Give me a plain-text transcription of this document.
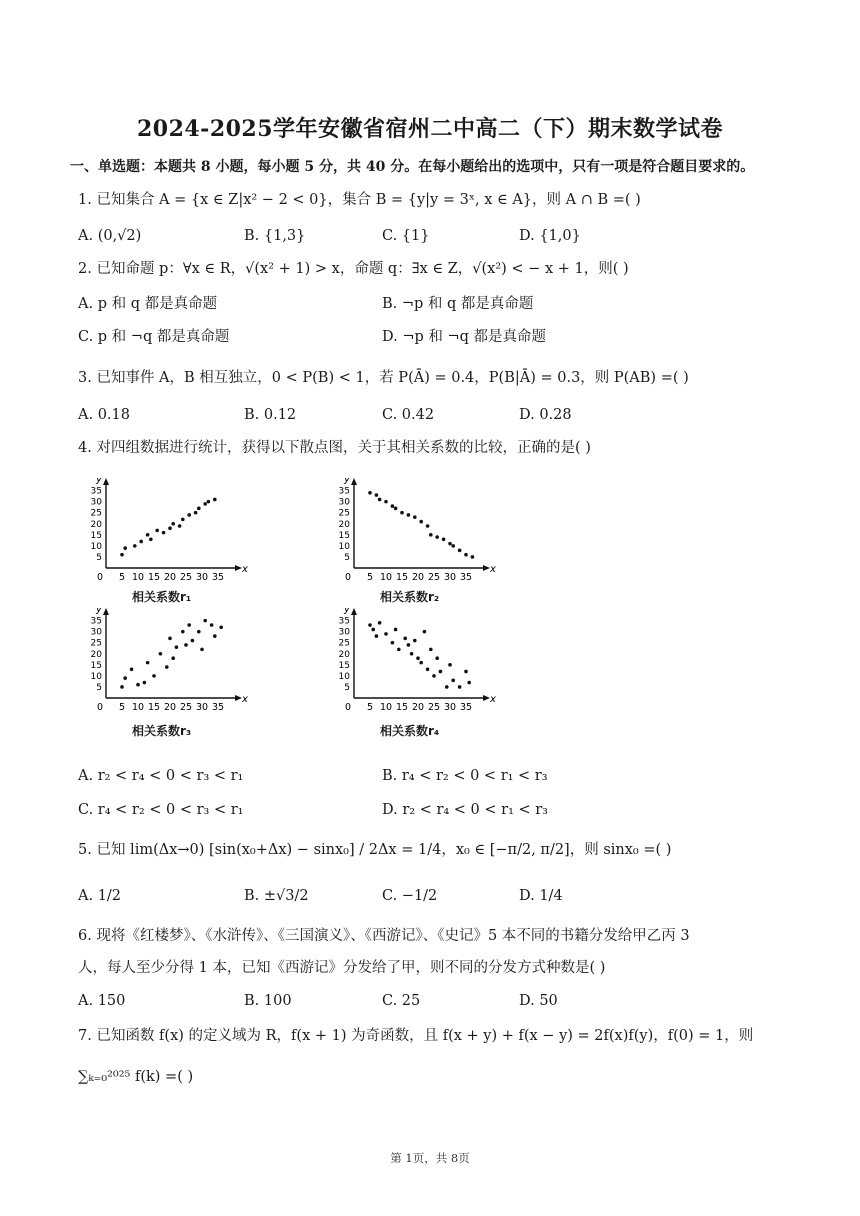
2024-2025学年安徽省宿州二中高二（下）期末数学试卷
一、单选题：本题共 8 小题，每小题 5 分，共 40 分。在每小题给出的选项中，只有一项是符合题目要求的。
1. 已知集合 A = {x ∈ Z|x² − 2 < 0}，集合 B = {y|y = 3ˣ, x ∈ A}，则 A ∩ B =( )
A. (0,√2)	B. {1,3}	C. {1}	D. {1,0}
2. 已知命题 p：∀x ∈ R，√(x² + 1) > x，命题 q：∃x ∈ Z，√(x²) < − x + 1，则( )
A. p 和 q 都是真命题	B. ¬p 和 q 都是真命题
C. p 和 ¬q 都是真命题	D. ¬p 和 ¬q 都是真命题
3. 已知事件 A，B 相互独立，0 < P(B) < 1，若 P(Ā) = 0.4，P(B|Ā) = 0.3，则 P(AB) =( )
A. 0.18	B. 0.12	C. 0.42	D. 0.28
4. 对四组数据进行统计，获得以下散点图，关于其相关系数的比较，正确的是( )
y
x
35
30
25
20
15
10
5
0 5 10 15 20 25 30 35
相关系数r₁
y
x
35
30
25
20
15
10
5
0 5 10 15 20 25 30 35
相关系数r₂
y
x
35
30
25
20
15
10
5
0 5 10 15 20 25 30 35
相关系数r₃
y
x
35
30
25
20
15
10
5
0 5 10 15 20 25 30 35
相关系数r₄
A. r₂ < r₄ < 0 < r₃ < r₁	B. r₄ < r₂ < 0 < r₁ < r₃
C. r₄ < r₂ < 0 < r₃ < r₁	D. r₂ < r₄ < 0 < r₁ < r₃
5. 已知 lim(Δx→0) [sin(x₀+Δx) − sinx₀] / 2Δx = 1/4，x₀ ∈ [−π/2, π/2]，则 sinx₀ =( )
A. 1/2	B. ±√3/2	C. −1/2	D. 1/4
6. 现将《红楼梦》、《水浒传》、《三国演义》、《西游记》、《史记》5 本不同的书籍分发给甲乙丙 3
人，每人至少分得 1 本，已知《西游记》分发给了甲，则不同的分发方式种数是( )
A. 150	B. 100	C. 25	D. 50
7. 已知函数 f(x) 的定义域为 R，f(x + 1) 为奇函数，且 f(x + y) + f(x − y) = 2f(x)f(y)，f(0) = 1，则
∑ₖ₌₀²⁰²⁵ f(k) =( )
第 1页，共 8页
